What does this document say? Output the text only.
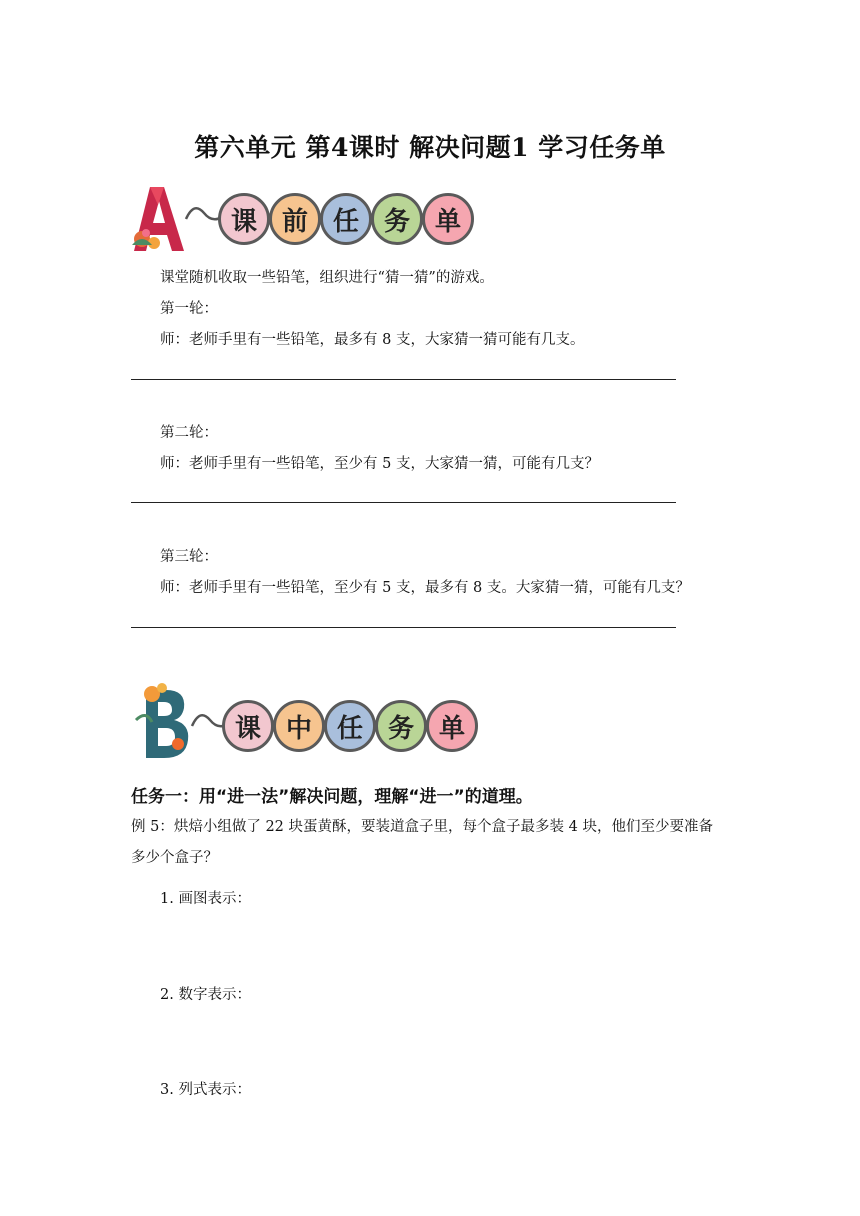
第六单元 第4课时 解决问题1 学习任务单
课 前 任 务 单
课堂随机收取一些铅笔，组织进行“猜一猜”的游戏。
第一轮：
师：老师手里有一些铅笔，最多有 8 支，大家猜一猜可能有几支。
第二轮：
师：老师手里有一些铅笔，至少有 5 支，大家猜一猜，可能有几支？
第三轮：
师：老师手里有一些铅笔，至少有 5 支，最多有 8 支。大家猜一猜，可能有几支？
课 中 任 务 单
任务一：用“进一法”解决问题，理解“进一”的道理。
例 5：烘焙小组做了 22 块蛋黄酥，要装道盒子里，每个盒子最多装 4 块，他们至少要准备
多少个盒子？
1. 画图表示：
2. 数字表示：
3. 列式表示：
